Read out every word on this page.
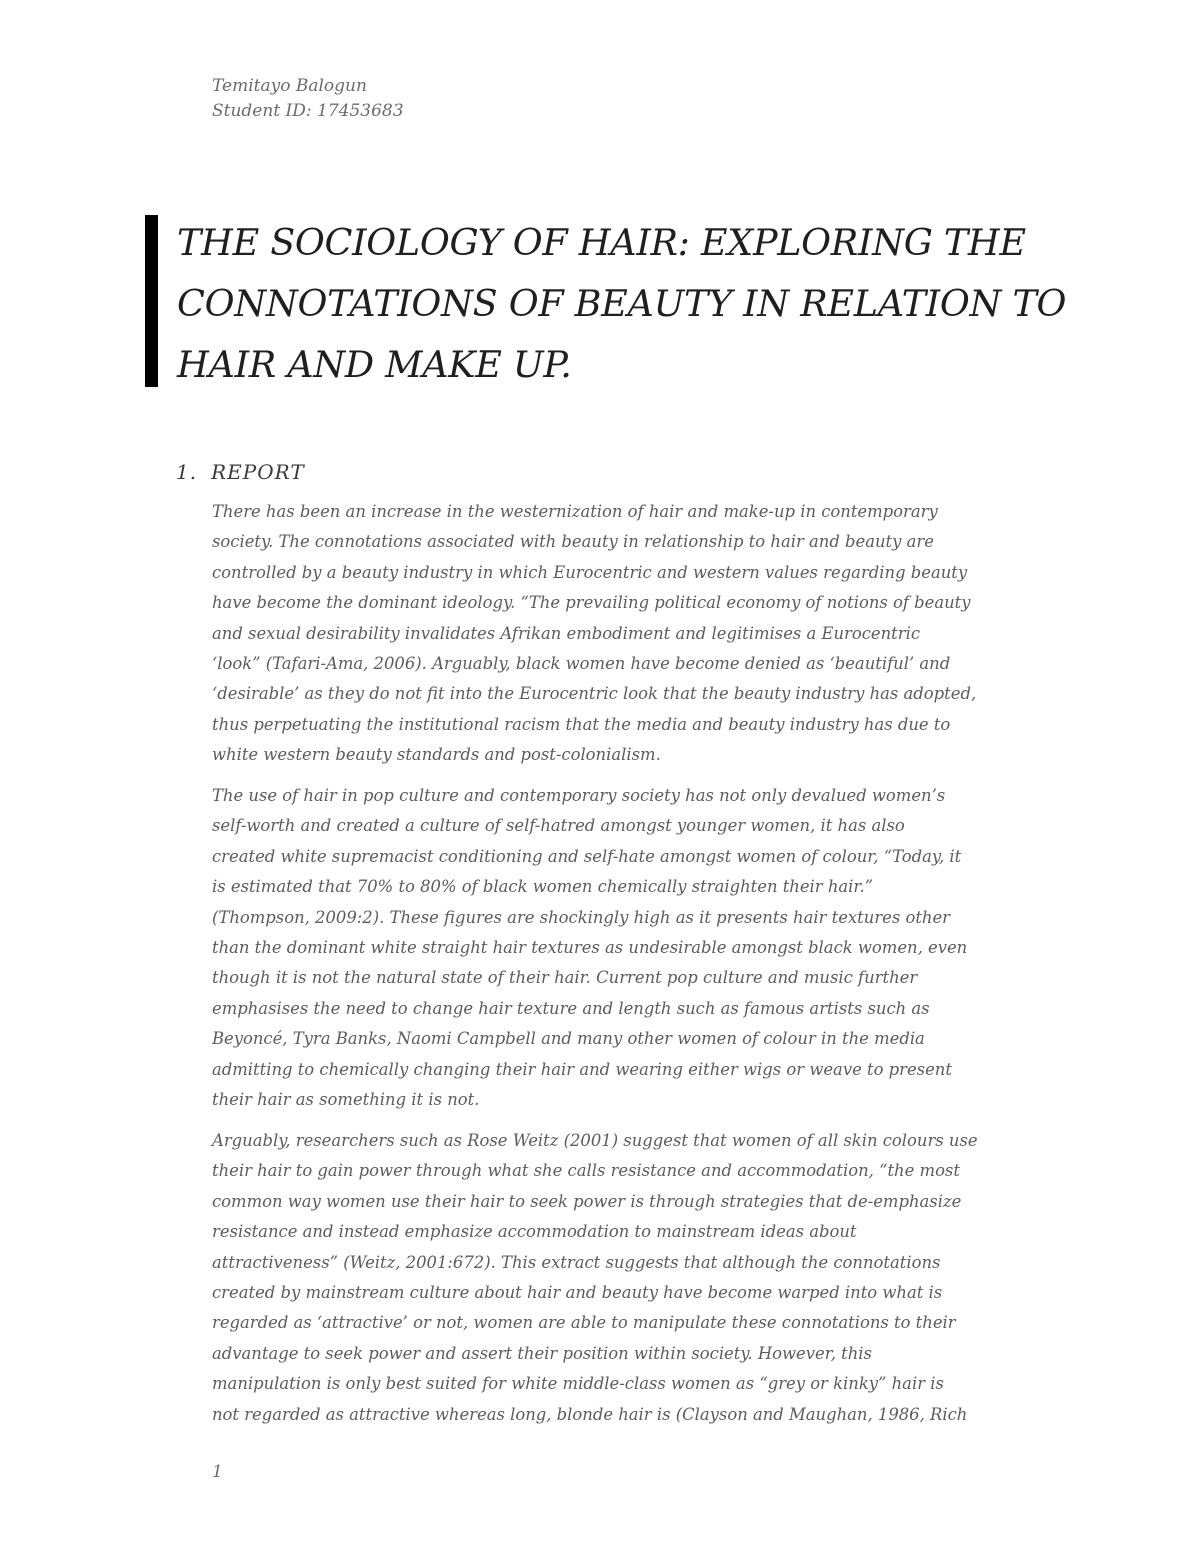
Temitayo Balogun
Student ID: 17453683
THE SOCIOLOGY OF HAIR: EXPLORING THE
CONNOTATIONS OF BEAUTY IN RELATION TO
HAIR AND MAKE UP.
1. REPORT
There has been an increase in the westernization of hair and make-up in contemporary
society. The connotations associated with beauty in relationship to hair and beauty are
controlled by a beauty industry in which Eurocentric and western values regarding beauty
have become the dominant ideology. “The prevailing political economy of notions of beauty
and sexual desirability invalidates Afrikan embodiment and legitimises a Eurocentric
‘look” (Tafari-Ama, 2006). Arguably, black women have become denied as ‘beautiful’ and
‘desirable’ as they do not fit into the Eurocentric look that the beauty industry has adopted,
thus perpetuating the institutional racism that the media and beauty industry has due to
white western beauty standards and post-colonialism.
The use of hair in pop culture and contemporary society has not only devalued women’s
self-worth and created a culture of self-hatred amongst younger women, it has also
created white supremacist conditioning and self-hate amongst women of colour, “Today, it
is estimated that 70% to 80% of black women chemically straighten their hair.”
(Thompson, 2009:2). These figures are shockingly high as it presents hair textures other
than the dominant white straight hair textures as undesirable amongst black women, even
though it is not the natural state of their hair. Current pop culture and music further
emphasises the need to change hair texture and length such as famous artists such as
Beyoncé, Tyra Banks, Naomi Campbell and many other women of colour in the media
admitting to chemically changing their hair and wearing either wigs or weave to present
their hair as something it is not.
Arguably, researchers such as Rose Weitz (2001) suggest that women of all skin colours use
their hair to gain power through what she calls resistance and accommodation, “the most
common way women use their hair to seek power is through strategies that de-emphasize
resistance and instead emphasize accommodation to mainstream ideas about
attractiveness” (Weitz, 2001:672). This extract suggests that although the connotations
created by mainstream culture about hair and beauty have become warped into what is
regarded as ‘attractive’ or not, women are able to manipulate these connotations to their
advantage to seek power and assert their position within society. However, this
manipulation is only best suited for white middle-class women as “grey or kinky” hair is
not regarded as attractive whereas long, blonde hair is (Clayson and Maughan, 1986, Rich
1
